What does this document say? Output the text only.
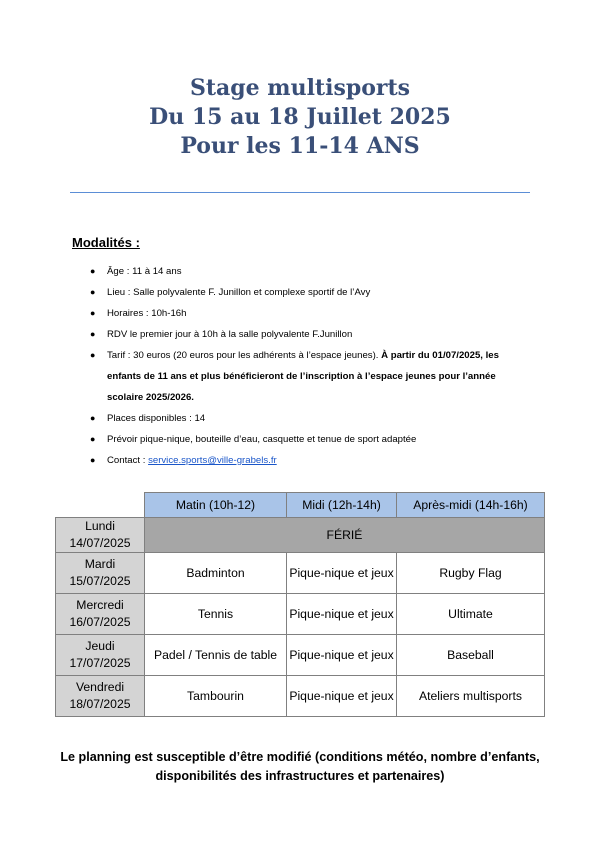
Stage multisports
Du 15 au 18 Juillet 2025
Pour les 11-14 ANS
Modalités :
● Âge : 11 à 14 ans
● Lieu : Salle polyvalente F. Junillon et complexe sportif de l’Avy
● Horaires : 10h-16h
● RDV le premier jour à 10h à la salle polyvalente F.Junillon
● Tarif : 30 euros (20 euros pour les adhérents à l’espace jeunes). À partir du 01/07/2025, les enfants de 11 ans et plus bénéficieront de l’inscription à l’espace jeunes pour l’année scolaire 2025/2026.
● Places disponibles : 14
● Prévoir pique-nique, bouteille d’eau, casquette et tenue de sport adaptée
● Contact : service.sports@ville-grabels.fr
	Matin (10h-12)	Midi (12h-14h)	Après-midi (14h-16h)

Lundi
14/07/2025	FÉRIÉ		

Mardi
15/07/2025	Badminton	Pique-nique et jeux	Rugby Flag

Mercredi
16/07/2025	Tennis	Pique-nique et jeux	Ultimate

Jeudi
17/07/2025	Padel / Tennis de table	Pique-nique et jeux	Baseball

Vendredi
18/07/2025	Tambourin	Pique-nique et jeux	Ateliers multisports
Le planning est susceptible d’être modifié (conditions météo, nombre d’enfants, disponibilités des infrastructures et partenaires)
